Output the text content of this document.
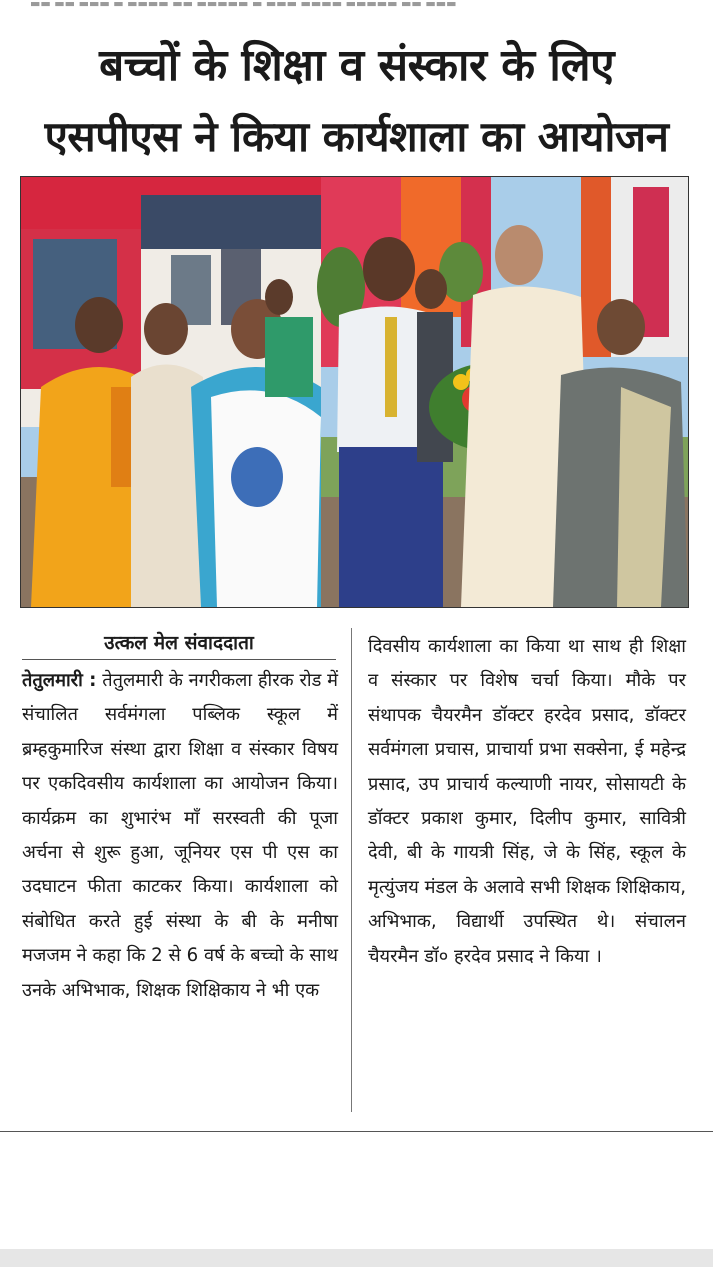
▬▬ ▬▬ ▬▬▬ ▬ ▬▬▬▬ ▬▬ ▬▬▬▬▬ ▬ ▬▬▬ ▬▬▬▬ ▬▬▬▬▬ ▬▬ ▬▬▬
बच्चों के शिक्षा व संस्कार के लिए
एसपीएस ने किया कार्यशाला का आयोजन
उत्कल मेल संवाददाता

तेतुलमारी : तेतुलमारी के नगरीकला हीरक रोड में संचालित सर्वमंगला पब्लिक स्कूल में ब्रम्हकुमारिज संस्था द्वारा शिक्षा व संस्कार विषय पर एकदिवसीय कार्यशाला का आयोजन किया। कार्यक्रम का शुभारंभ माँ सरस्वती की पूजा अर्चना से शुरू हुआ, जूनियर एस पी एस का उदघाटन फीता काटकर किया। कार्यशाला को संबोधित करते हुई संस्था के बी के मनीषा मजजम ने कहा कि 2 से 6 वर्ष के बच्चो के साथ उनके अभिभाक, शिक्षक शिक्षिकाय ने भी एक

दिवसीय कार्यशाला का किया था साथ ही शिक्षा व संस्कार पर विशेष चर्चा किया। मौके पर संथापक चैयरमैन डॉक्टर हरदेव प्रसाद, डॉक्टर सर्वमंगला प्रचास, प्राचार्या प्रभा सक्सेना, ई महेन्द्र प्रसाद, उप प्राचार्य कल्याणी नायर, सोसायटी के डॉक्टर प्रकाश कुमार, दिलीप कुमार, सावित्री देवी, बी के गायत्री सिंह, जे के सिंह, स्कूल के मृत्युंजय मंडल के अलावे सभी शिक्षक शिक्षिकाय, अभिभाक, विद्यार्थी उपस्थित थे। संचालन चैयरमैन डॉ० हरदेव प्रसाद ने किया ।
